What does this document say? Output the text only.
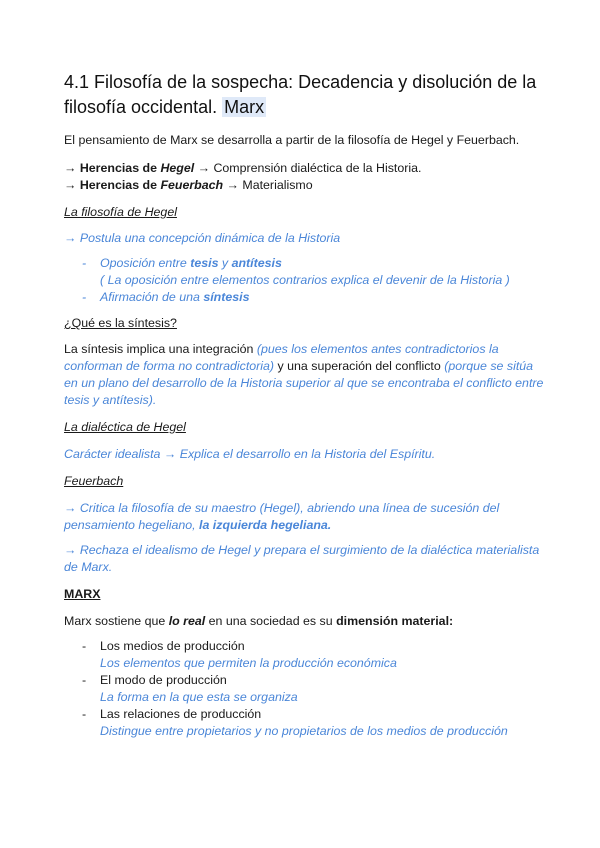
4.1 Filosofía de la sospecha: Decadencia y disolución de la filosofía occidental. Marx

El pensamiento de Marx se desarrolla a partir de la filosofía de Hegel y Feuerbach.

→ Herencias de Hegel → Comprensión dialéctica de la Historia.

→ Herencias de Feuerbach → Materialismo

La filosofía de Hegel

→ Postula una concepción dinámica de la Historia

- Oposición entre tesis y antítesis
( La oposición entre elementos contrarios explica el devenir de la Historia )
- Afirmación de una síntesis

¿Qué es la síntesis?

La síntesis implica una integración (pues los elementos antes contradictorios la conforman de forma no contradictoria) y una superación del conflicto (porque se sitúa en un plano del desarrollo de la Historia superior al que se encontraba el conflicto entre tesis y antítesis).

La dialéctica de Hegel

Carácter idealista → Explica el desarrollo en la Historia del Espíritu.

Feuerbach

→ Critica la filosofía de su maestro (Hegel), abriendo una línea de sucesión del pensamiento hegeliano, la izquierda hegeliana.

→ Rechaza el idealismo de Hegel y prepara el surgimiento de la dialéctica materialista de Marx.

MARX

Marx sostiene que lo real en una sociedad es su dimensión material:

- Los medios de producción
Los elementos que permiten la producción económica
- El modo de producción
La forma en la que esta se organiza
- Las relaciones de producción
Distingue entre propietarios y no propietarios de los medios de producción
